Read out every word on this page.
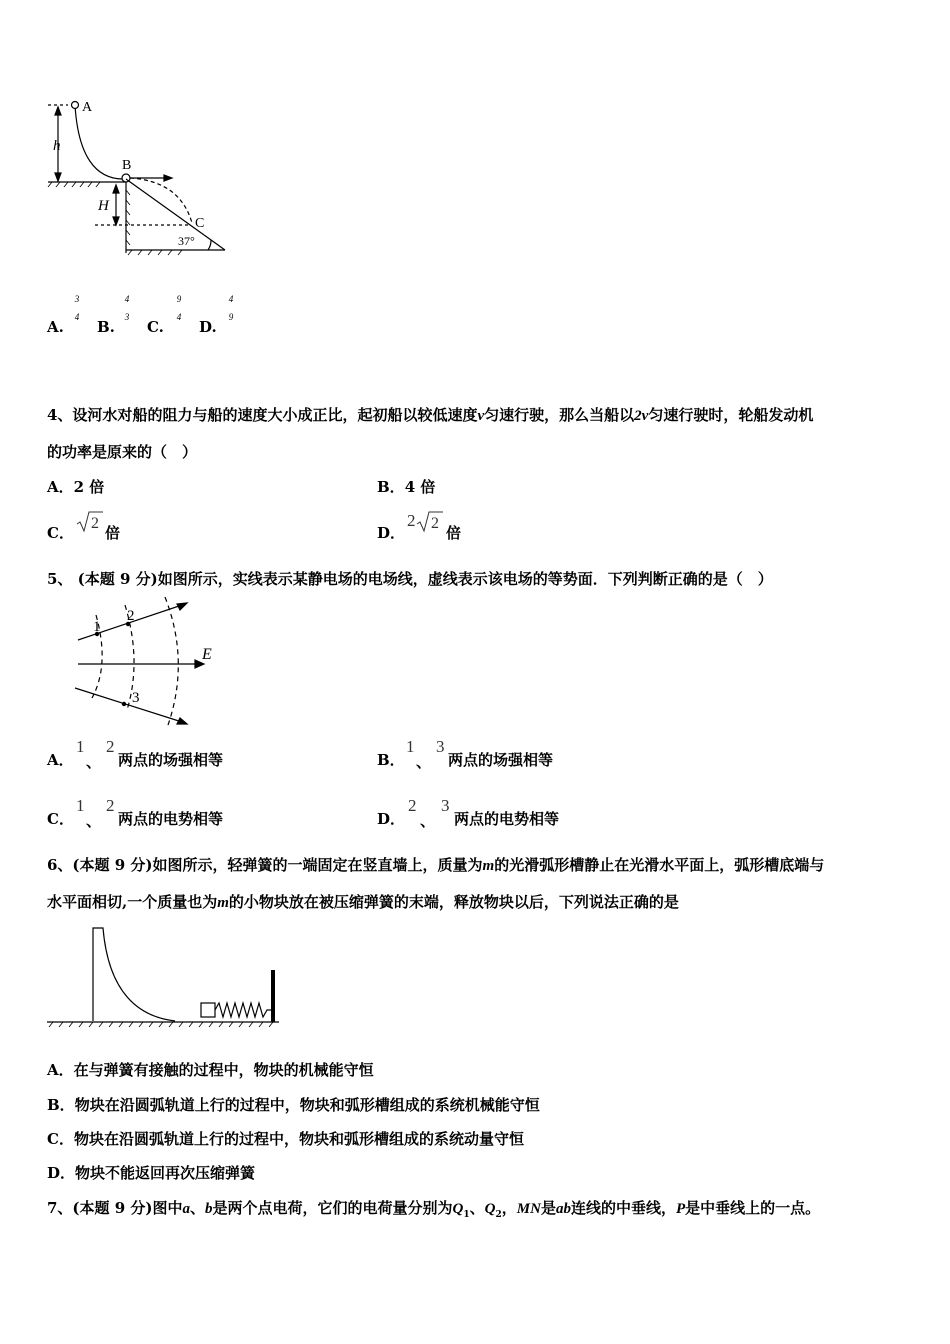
A
B
C
h
H
37°
A.
3
4
B.
4
3
C.
9
4
D.
4
9
4、设河水对船的阻力与船的速度大小成正比，起初船以较低速度v匀速行驶，那么当船以2v匀速行驶时，轮船发动机
的功率是原来的（　）
A．2 倍	B．4 倍
C．
2
倍	D．
2 2
倍
5、 (本题 9 分)如图所示，实线表示某静电场的电场线，虚线表示该电场的等势面．下列判断正确的是（　）
1
2
3
E
A．
1
、
2
两点的场强相等	B．
1
、
3
两点的场强相等
C．
1
、
2
两点的电势相等	D．
2
、
3
两点的电势相等
6、(本题 9 分)如图所示，轻弹簧的一端固定在竖直墙上，质量为m的光滑弧形槽静止在光滑水平面上，弧形槽底端与
水平面相切,一个质量也为m的小物块放在被压缩弹簧的末端，释放物块以后，下列说法正确的是
A．在与弹簧有接触的过程中，物块的机械能守恒
B．物块在沿圆弧轨道上行的过程中，物块和弧形槽组成的系统机械能守恒
C．物块在沿圆弧轨道上行的过程中，物块和弧形槽组成的系统动量守恒
D．物块不能返回再次压缩弹簧
7、(本题 9 分)图中a、b是两个点电荷，它们的电荷量分别为$Q_1$、$Q_2$，MN是ab连线的中垂线，P是中垂线上的一点。
